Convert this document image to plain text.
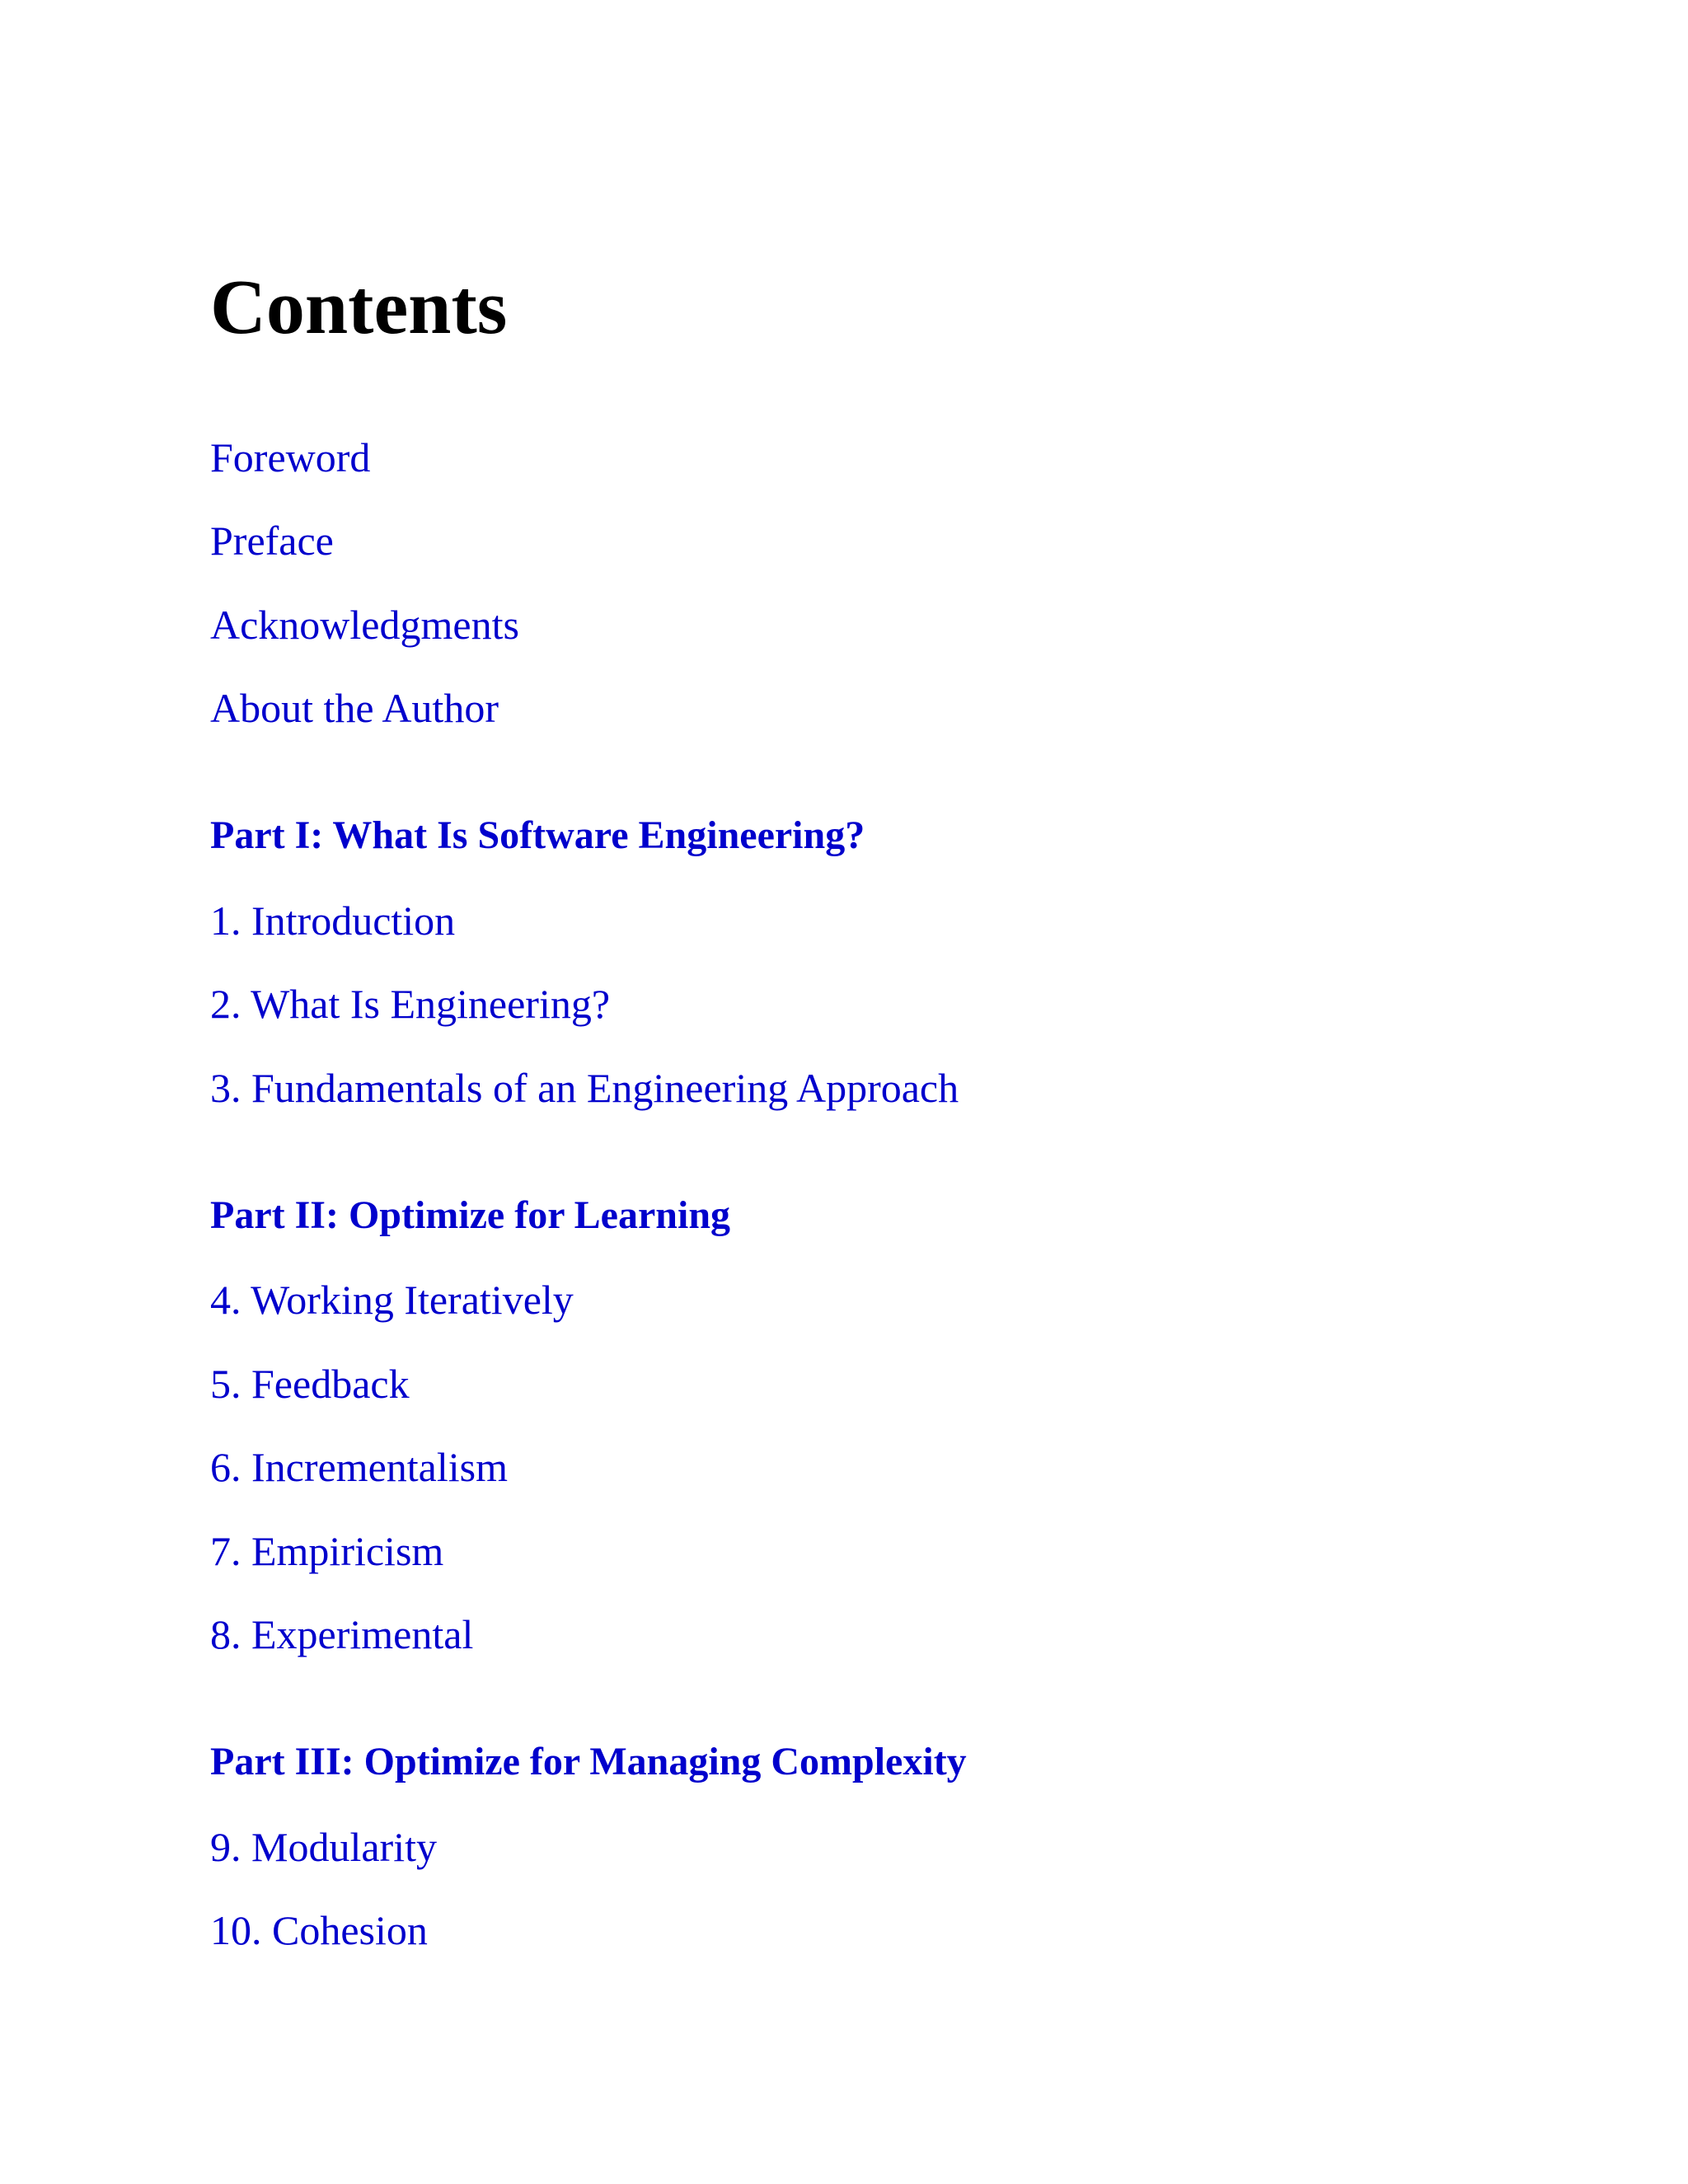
Contents
Foreword
Preface
Acknowledgments
About the Author
Part I: What Is Software Engineering?
1. Introduction
2. What Is Engineering?
3. Fundamentals of an Engineering Approach
Part II: Optimize for Learning
4. Working Iteratively
5. Feedback
6. Incrementalism
7. Empiricism
8. Experimental
Part III: Optimize for Managing Complexity
9. Modularity
10. Cohesion
